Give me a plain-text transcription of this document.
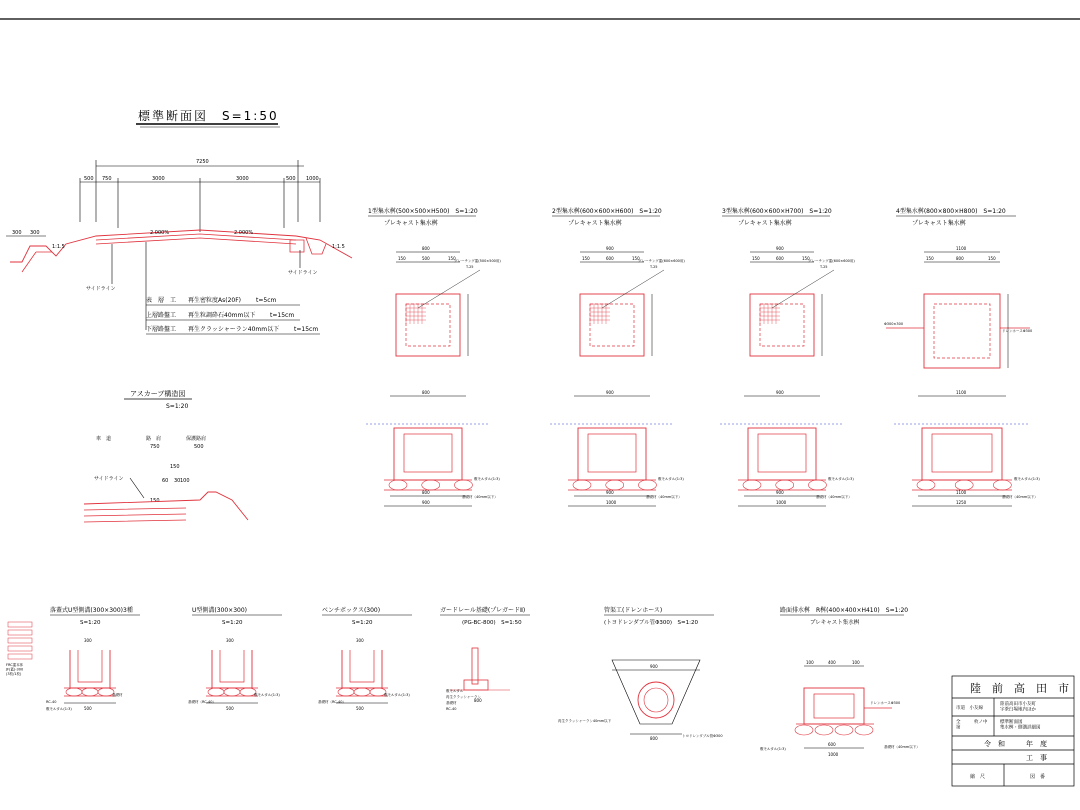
標準断面図　S=1:50
7250
500 750	3000	3000	500 1000
300 300	2.000%	2.000%
1:1.5	1:1.5
サイドライン
サイドライン
表　層　工 再生密粒度As(20F)	t=5cm
上層路盤工 再生粒調砕石40mm以下 t=15cm
下層路盤工 再生クラッシャーラン40mm以下 t=15cm
アスカーブ構造図
S=1:20
車　道	路　肩	保護路肩
750	500
150
60 30 100
150
サイドライン
1型集水桝(500×500×H500)　S=1:20
プレキャスト集水桝
800
150	500	150
グレーチング蓋(500×500用)
T-25
800
800
900
敷モルタル(1:3)
基礎材（40mm以下）
2型集水桝(600×600×H600)　S=1:20
プレキャスト集水桝
900
150	600	150
グレーチング蓋(600×600用)
T-25
900
900
1000
敷モルタル(1:3)
基礎材（40mm以下）
3型集水桝(600×600×H700)　S=1:20
プレキャスト集水桝
900
150	600	150
グレーチング蓋(600×600用)
T-25
900
900
1000
敷モルタル(1:3)
基礎材（40mm以下）
4型集水桝(800×800×H800)　S=1:20
プレキャスト集水桝
1100
150	800	150
Φ300×300
ドレンホースΦ300
1100
1100
1250
敷モルタル(1:3)
基礎材（40mm以下）
落蓋式U型側溝(300×300)3種
S=1:20
300
500
基礎材
RC-40
敷モルタル(1:3)
U型側溝(300×300)
S=1:20
300
500
敷モルタル(1:3)
基礎材（RC-40）
ベンチボックス(300)
S=1:20
300
500
敷モルタル(1:3)
基礎材（RC-40）
ガードレール基礎(プレガードⅡ)
(PG-BC-800)　S=1:50
800
敷モルタル
再生クラッシャーラン
基礎材
RC-40
管渠工(ドレンホース)
(トヨドレンダブル管Φ300)　S=1:20
900
800
再生クラッシャーラン40mm以下
トヨドレンダブル管Φ300
路面排水桝　R桝(400×400×H410)　S=1:20
プレキャスト集水桝
100	400	100
600
1000
ドレンホースΦ300
敷モルタル(1:3)	基礎材（40mm以下）
FRC蓋本体
JF(蓋)-300
(3枚/1枚)
陸　前　高　田　市
市道　小友線
令　和　　　年　度
工　事
縮　尺	図　番
陸前高田市小友町
字茶臼場地内ほか
全　　　枚ノ中
第
標準断面図
集水桝・側溝詳細図
